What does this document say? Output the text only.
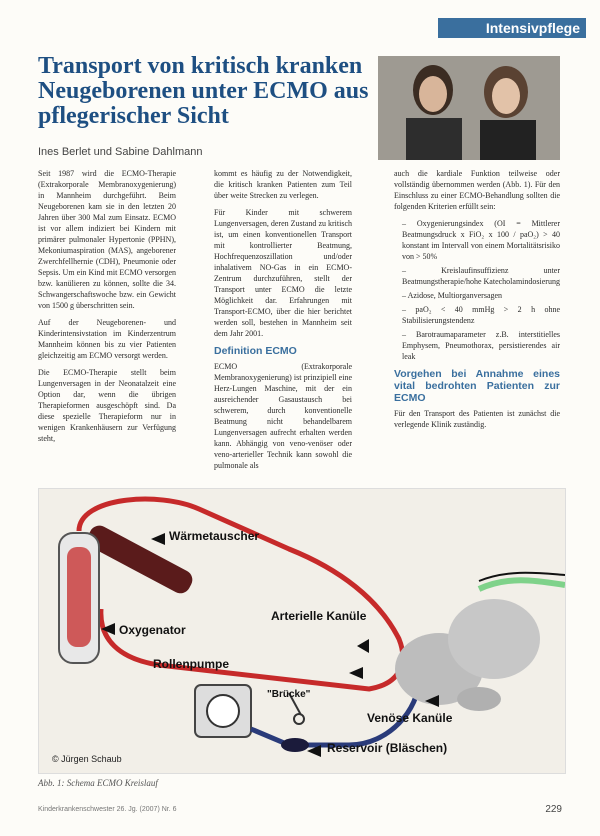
Intensivpflege
Transport von kritisch kranken Neugeborenen unter ECMO aus pflegerischer Sicht
Ines Berlet und Sabine Dahlmann

Seit 1987 wird die ECMO-Therapie (Extrakorporale Membranoxygenierung) in Mannheim durchgeführt. Beim Neugeborenen kam sie in den letzten 20 Jahren über 300 Mal zum Einsatz. ECMO ist vor allem indiziert bei Kindern mit primärer pulmonaler Hypertonie (PPHN), Mekoniumaspiration (MAS), angeborener Zwerchfellhernie (CDH), Pneumonie oder Sepsis. Um ein Kind mit ECMO versorgen bzw. kanülieren zu können, sollte die 34. Schwangerschaftswoche bzw. ein Gewicht von 1500 g überschritten sein.

Auf der Neugeborenen- und Kinderintensivstation im Kinderzentrum Mannheim können bis zu vier Patienten gleichzeitig am ECMO versorgt werden.

Die ECMO-Therapie stellt beim Lungenversagen in der Neonatalzeit eine Option dar, wenn die übrigen Therapieformen ausgeschöpft sind. Da diese spezielle Therapieform nur in wenigen Krankenhäusern zur Verfügung steht,

kommt es häufig zu der Notwendigkeit, die kritisch kranken Patienten zum Teil über weite Strecken zu verlegen.

Für Kinder mit schwerem Lungenversagen, deren Zustand zu kritisch ist, um einen konventionellen Transport mit kontrollierter Beatmung, Hochfrequenzoszillation und/oder inhalativem NO-Gas in ein ECMO-Zentrum durchzuführen, stellt der Transport unter ECMO die letzte Möglichkeit dar. Erfahrungen mit Transport-ECMO, über die hier berichtet werden soll, bestehen in Mannheim seit dem Jahr 2001.

Definition ECMO

ECMO (Extrakorporale Membranoxygenierung) ist prinzipiell eine Herz-Lungen Maschine, mit der ein ausreichender Gasaustausch bei schwerem, durch konventionelle Beatmung nicht behandelbarem Lungenversagen aufrecht erhalten werden kann. Abhängig von veno-venöser oder veno-arterieller Technik kann sowohl die pulmonale als

auch die kardiale Funktion teilweise oder vollständig übernommen werden (Abb. 1). Für den Einschluss zu einer ECMO-Behandlung sollten die folgenden Kriterien erfüllt sein:

– Oxygenierungsindex (OI = Mittlerer Beatmungsdruck x FiO₂ x 100 / paO₂) > 40 konstant im Intervall von einem Mortalitätsrisiko von > 50%
– Kreislaufinsuffizienz unter Beatmungstherapie/hohe Katecholamindosierung
– Azidose, Multiorganversagen
– paO₂ < 40 mmHg > 2 h ohne Stabilisierungstendenz
– Barotraumaparameter z.B. interstitielles Emphysem, Pneumothorax, persistierendes air leak
Vorgehen bei Annahme eines vital bedrohten Patienten zur ECMO

Für den Transport des Patienten ist zunächst die verlegende Klinik zuständig.

Wärmetauscher
Oxygenator
Rollenpumpe
Arterielle Kanüle
"Brücke"
Venöse Kanüle
Reservoir (Bläschen)
© Jürgen Schaub
Abb. 1: Schema ECMO Kreislauf
Kinderkrankenschwester 26. Jg. (2007) Nr. 6	229
